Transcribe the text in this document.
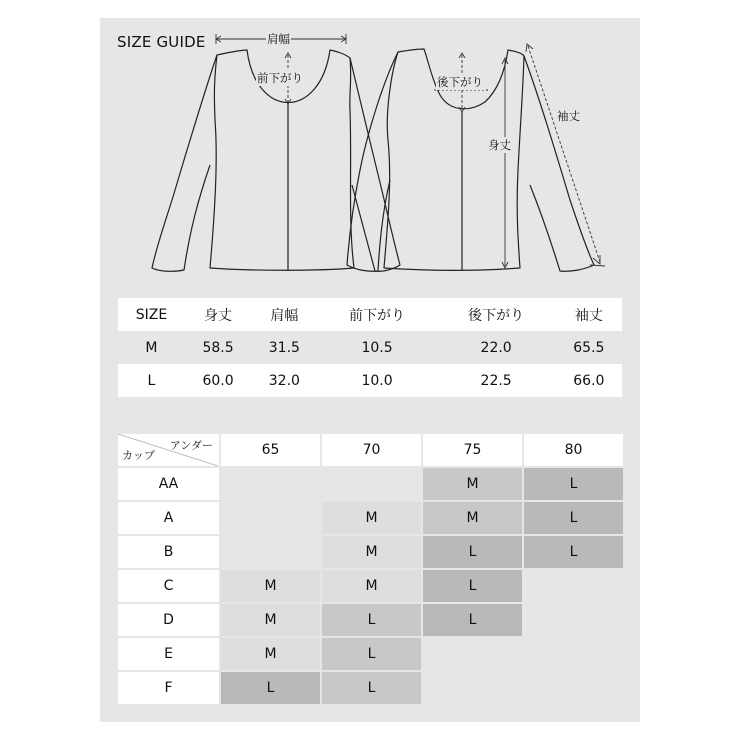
SIZE GUIDE	肩幅
前下がり	後下がり
身丈
袖丈
SIZE	身丈	肩幅	前下がり	後下がり	袖丈
M	58.5	31.5	10.5	22.0	65.5
L	60.0	32.0	10.0	22.5	66.0
アンダー
カップ	65	70	75	80
AA			M	L
A		M	M	L
B		M	L	L
C	M	M	L	
D	M	L	L	
E	M	L		
F	L	L		
